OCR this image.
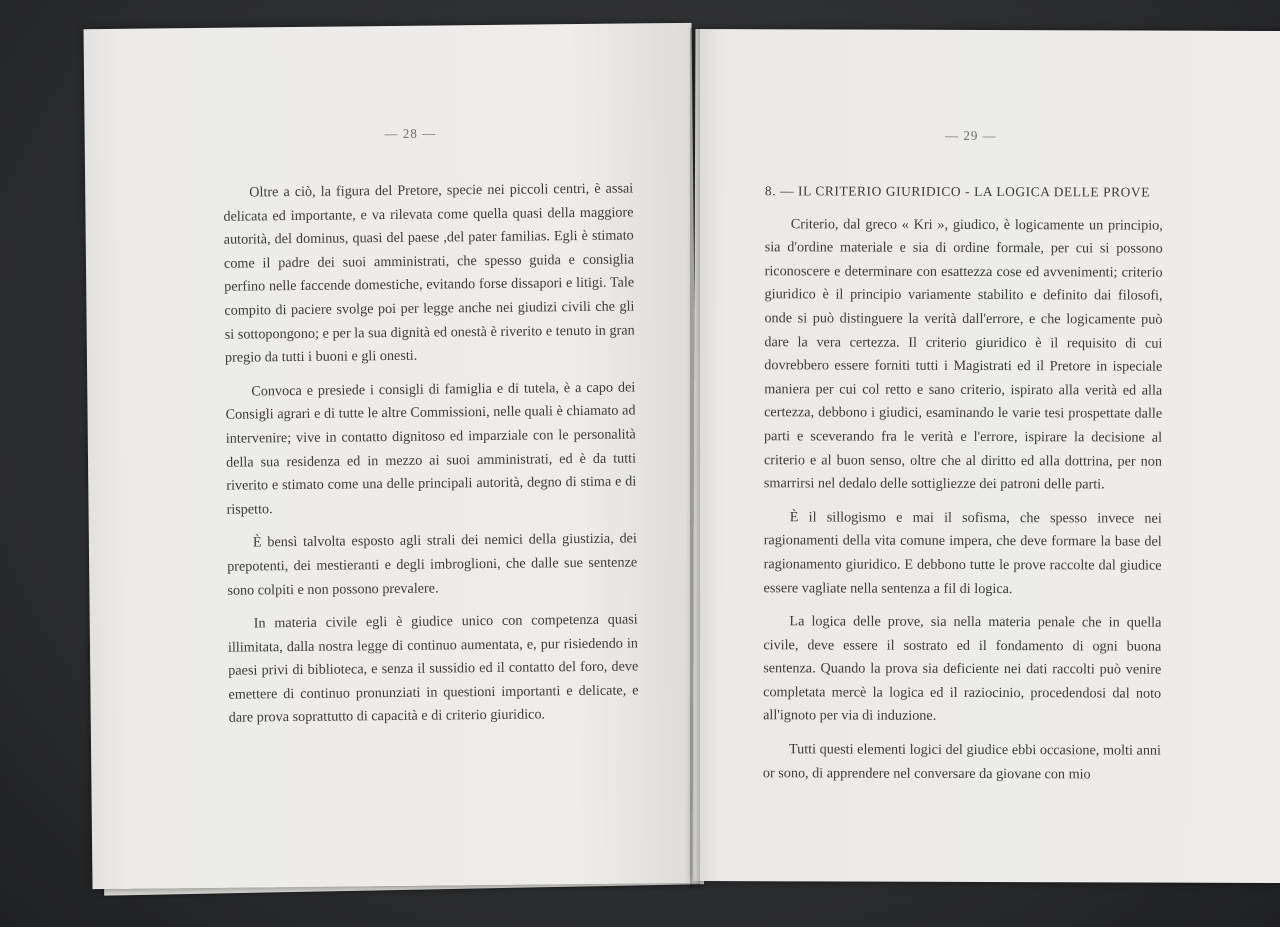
— 28 —

Oltre a ciò, la figura del Pretore, specie nei piccoli centri, è assai delicata ed importante, e va rilevata come quella quasi della maggiore autorità, del dominus, quasi del paese ,del pater familias. Egli è stimato come il padre dei suoi amministrati, che spesso guida e consiglia perfino nelle faccende domestiche, evitando forse dissapori e litigi. Tale compito di paciere svolge poi per legge anche nei giudizi civili che gli si sottopongono; e per la sua dignità ed onestà è riverito e tenuto in gran pregio da tutti i buoni e gli onesti.

Convoca e presiede i consigli di famiglia e di tutela, è a capo dei Consigli agrari e di tutte le altre Commissioni, nelle quali è chiamato ad intervenire; vive in contatto dignitoso ed imparziale con le personalità della sua residenza ed in mezzo ai suoi amministrati, ed è da tutti riverito e stimato come una delle principali autorità, degno di stima e di rispetto.

È bensì talvolta esposto agli strali dei nemici della giustizia, dei prepotenti, dei mestieranti e degli imbroglioni, che dalle sue sentenze sono colpiti e non possono prevalere.

In materia civile egli è giudice unico con competenza quasi illimitata, dalla nostra legge di continuo aumentata, e, pur risiedendo in paesi privi di biblioteca, e senza il sussidio ed il contatto del foro, deve emettere di continuo pronunziati in questioni importanti e delicate, e dare prova soprattutto di capacità e di criterio giuridico.

— 29 —

8. — IL CRITERIO GIURIDICO - LA LOGICA DELLE PROVE

Criterio, dal greco « Kri », giudico, è logicamente un principio, sia d'ordine materiale e sia di ordine formale, per cui si possono riconoscere e determinare con esattezza cose ed avvenimenti; criterio giuridico è il principio variamente stabilito e definito dai filosofi, onde si può distinguere la verità dall'errore, e che logicamente può dare la vera certezza. Il criterio giuridico è il requisito di cui dovrebbero essere forniti tutti i Magistrati ed il Pretore in ispeciale maniera per cui col retto e sano criterio, ispirato alla verità ed alla certezza, debbono i giudici, esaminando le varie tesi prospettate dalle parti e sceverando fra le verità e l'errore, ispirare la decisione al criterio e al buon senso, oltre che al diritto ed alla dottrina, per non smarrirsi nel dedalo delle sottigliezze dei patroni delle parti.

È il sillogismo e mai il sofisma, che spesso invece nei ragionamenti della vita comune impera, che deve formare la base del ragionamento giuridico. E debbono tutte le prove raccolte dal giudice essere vagliate nella sentenza a fil di logica.

La logica delle prove, sia nella materia penale che in quella civile, deve essere il sostrato ed il fondamento di ogni buona sentenza. Quando la prova sia deficiente nei dati raccolti può venire completata mercè la logica ed il raziocinio, procedendosi dal noto all'ignoto per via di induzione.

Tutti questi elementi logici del giudice ebbi occasione, molti anni or sono, di apprendere nel conversare da giovane con mio
